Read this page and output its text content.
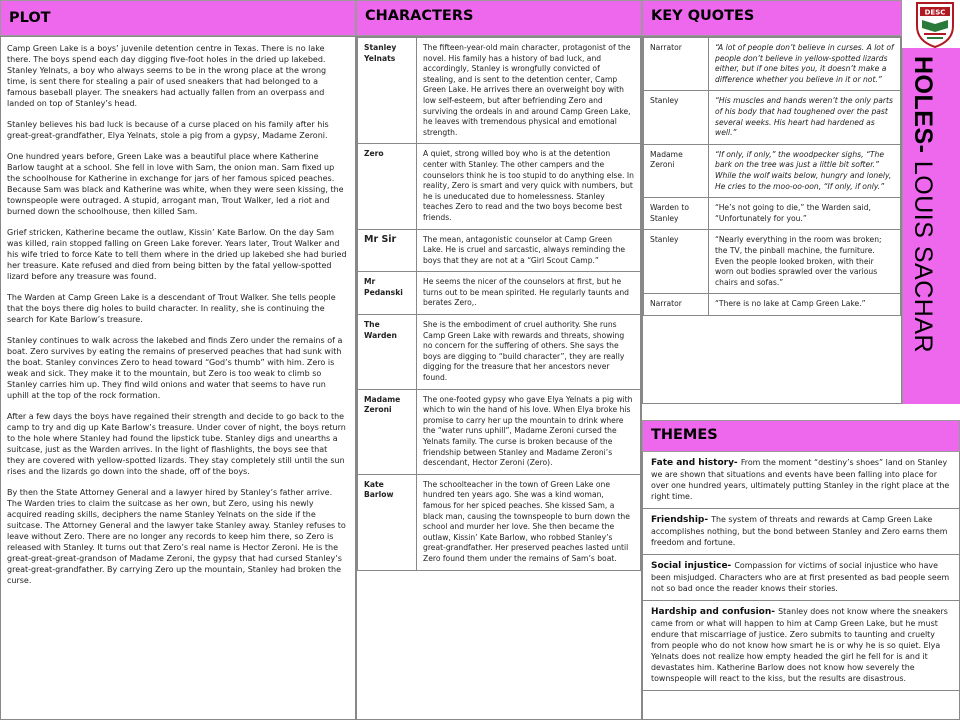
PLOT

Camp Green Lake is a boys’ juvenile detention centre in Texas. There is no lake there. The boys spend each day digging five-foot holes in the dried up lakebed. Stanley Yelnats, a boy who always seems to be in the wrong place at the wrong time, is sent there for stealing a pair of used sneakers that had belonged to a famous baseball player. The sneakers had actually fallen from an overpass and landed on top of Stanley’s head.

Stanley believes his bad luck is because of a curse placed on his family after his great-great-grandfather, Elya Yelnats, stole a pig from a gypsy, Madame Zeroni.

One hundred years before, Green Lake was a beautiful place where Katherine Barlow taught at a school. She fell in love with Sam, the onion man. Sam fixed up the schoolhouse for Katherine in exchange for jars of her famous spiced peaches. Because Sam was black and Katherine was white, when they were seen kissing, the townspeople were outraged. A stupid, arrogant man, Trout Walker, led a riot and burned down the schoolhouse, then killed Sam.

Grief stricken, Katherine became the outlaw, Kissin’ Kate Barlow. On the day Sam was killed, rain stopped falling on Green Lake forever. Years later, Trout Walker and his wife tried to force Kate to tell them where in the dried up lakebed she had buried her treasure. Kate refused and died from being bitten by the fatal yellow-spotted lizard before any treasure was found.

The Warden at Camp Green Lake is a descendant of Trout Walker. She tells people that the boys there dig holes to build character. In reality, she is continuing the search for Kate Barlow’s treasure.

Stanley continues to walk across the lakebed and finds Zero under the remains of a boat. Zero survives by eating the remains of preserved peaches that had sunk with the boat. Stanley convinces Zero to head toward “God’s thumb” with him. Zero is weak and sick. They make it to the mountain, but Zero is too weak to climb so Stanley carries him up. They find wild onions and water that seems to have run uphill at the top of the rock formation.

After a few days the boys have regained their strength and decide to go back to the camp to try and dig up Kate Barlow’s treasure. Under cover of night, the boys return to the hole where Stanley had found the lipstick tube. Stanley digs and unearths a suitcase, just as the Warden arrives. In the light of flashlights, the boys see that they are covered with yellow-spotted lizards. They stay completely still until the sun rises and the lizards go down into the shade, off of the boys.

By then the State Attorney General and a lawyer hired by Stanley’s father arrive. The Warden tries to claim the suitcase as her own, but Zero, using his newly acquired reading skills, deciphers the name Stanley Yelnats on the side if the suitcase. The Attorney General and the lawyer take Stanley away. Stanley refuses to leave without Zero. There are no longer any records to keep him there, so Zero is released with Stanley. It turns out that Zero’s real name is Hector Zeroni. He is the great-great-great-grandson of Madame Zeroni, the gypsy that had cursed Stanley’s great-great-grandfather. By carrying Zero up the mountain, Stanley had broken the curse.

CHARACTERS
Stanley Yelnats	The fifteen-year-old main character, protagonist of the novel. His family has a history of bad luck, and accordingly, Stanley is wrongfully convicted of stealing, and is sent to the detention center, Camp Green Lake. He arrives there an overweight boy with low self-esteem, but after befriending Zero and surviving the ordeals in and around Camp Green Lake, he leaves with tremendous physical and emotional strength.
Zero	A quiet, strong willed boy who is at the detention center with Stanley. The other campers and the counselors think he is too stupid to do anything else. In reality, Zero is smart and very quick with numbers, but he is uneducated due to homelessness. Stanley teaches Zero to read and the two boys become best friends.
Mr Sir	The mean, antagonistic counselor at Camp Green Lake. He is cruel and sarcastic, always reminding the boys that they are not at a “Girl Scout Camp.”
Mr Pedanski	He seems the nicer of the counselors at first, but he turns out to be mean spirited. He regularly taunts and berates Zero,.
The Warden	She is the embodiment of cruel authority. She runs Camp Green Lake with rewards and threats, showing no concern for the suffering of others. She says the boys are digging to “build character”, they are really digging for the treasure that her ancestors never found.
Madame Zeroni	The one-footed gypsy who gave Elya Yelnats a pig with which to win the hand of his love. When Elya broke his promise to carry her up the mountain to drink where the “water runs uphill”, Madame Zeroni cursed the Yelnats family. The curse is broken because of the friendship between Stanley and Madame Zeroni’s descendant, Hector Zeroni (Zero).
Kate Barlow	The schoolteacher in the town of Green Lake one hundred ten years ago. She was a kind woman, famous for her spiced peaches. She kissed Sam, a black man, causing the townspeople to burn down the school and murder her love. She then became the outlaw, Kissin’ Kate Barlow, who robbed Stanley’s great-grandfather. Her preserved peaches lasted until Zero found them under the remains of Sam’s boat.
KEY QUOTES
Narrator	“A lot of people don’t believe in curses. A lot of people don’t believe in yellow-spotted lizards either, but if one bites you, it doesn’t make a difference whether you believe in it or not.”
Stanley	“His muscles and hands weren’t the only parts of his body that had toughened over the past several weeks. His heart had hardened as well.”
Madame Zeroni	“If only, if only,” the woodpecker sighs, “The bark on the tree was just a little bit softer.” While the wolf waits below, hungry and lonely, He cries to the moo-oo-oon, “If only, if only.”
Warden to Stanley	“He’s not going to die,” the Warden said, “Unfortunately for you.”
Stanley	“Nearly everything in the room was broken; the TV, the pinball machine, the furniture. Even the people looked broken, with their worn out bodies sprawled over the various chairs and sofas.”
Narrator	“There is no lake at Camp Green Lake.”
HOLES- LOUIS SACHAR
DESC
THEMES
Fate and history- From the moment “destiny’s shoes” land on Stanley we are shown that situations and events have been falling into place for over one hundred years, ultimately putting Stanley in the right place at the right time.
Friendship- The system of threats and rewards at Camp Green Lake accomplishes nothing, but the bond between Stanley and Zero earns them freedom and fortune.
Social injustice- Compassion for victims of social injustice who have been misjudged. Characters who are at first presented as bad people seem not so bad once the reader knows their stories.
Hardship and confusion- Stanley does not know where the sneakers came from or what will happen to him at Camp Green Lake, but he must endure that miscarriage of justice. Zero submits to taunting and cruelty from people who do not know how smart he is or why he is so quiet. Elya Yelnats does not realize how empty headed the girl he fell for is and it devastates him. Katherine Barlow does not know how severely the townspeople will react to the kiss, but the results are disastrous.
